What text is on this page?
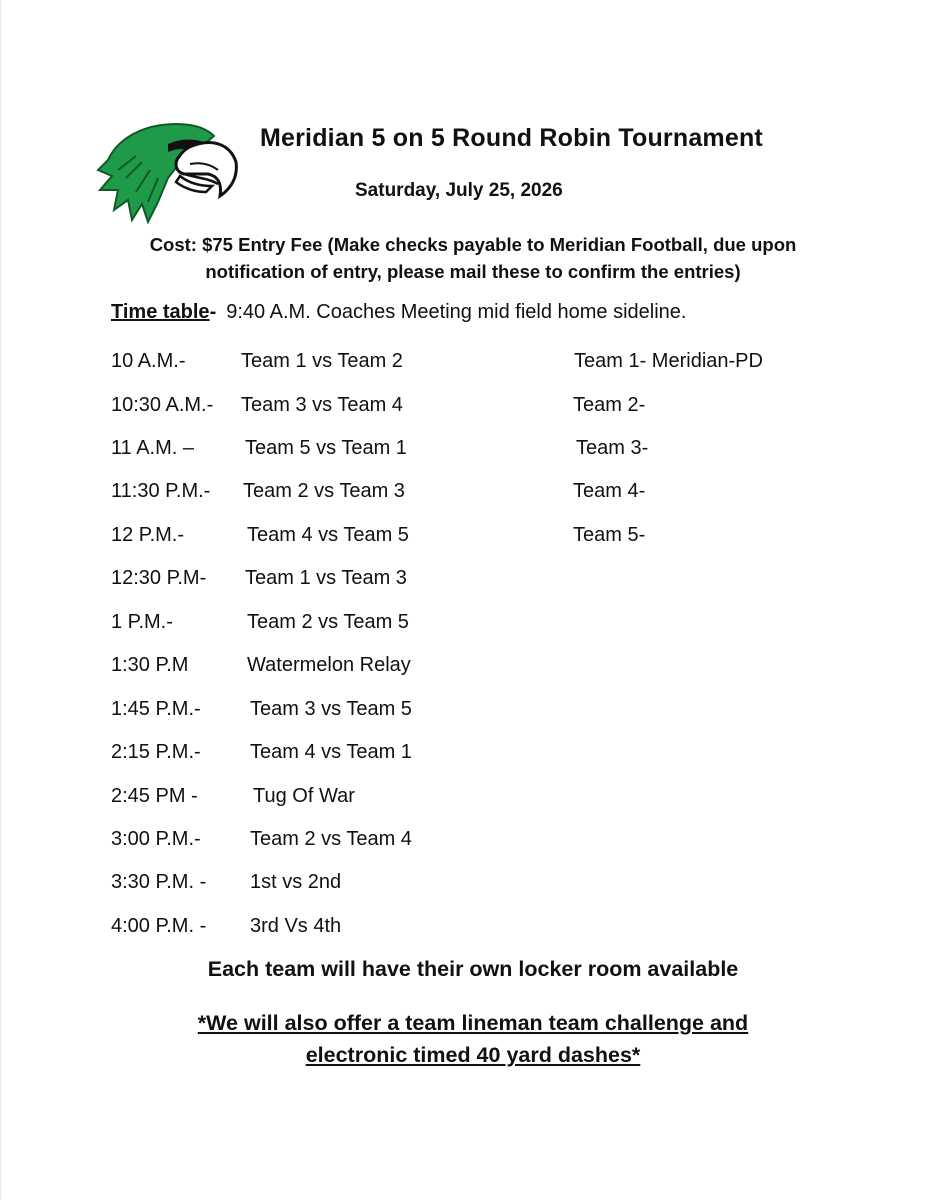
Meridian 5 on 5 Round Robin Tournament
Saturday, July 25, 2026
Cost: $75 Entry Fee (Make checks payable to Meridian Football, due upon
notification of entry, please mail these to confirm the entries)
Time table- 9:40 A.M. Coaches Meeting mid field home sideline.
10 A.M.-	Team 1 vs Team 2
10:30 A.M.- Team 3 vs Team 4
11 A.M. –	Team 5 vs Team 1
11:30 P.M.- Team 2 vs Team 3
12 P.M.-	Team 4 vs Team 5
12:30 P.M- Team 1 vs Team 3
1 P.M.-	Team 2 vs Team 5
1:30 P.M	Watermelon Relay
1:45 P.M.- Team 3 vs Team 5
2:15 P.M.- Team 4 vs Team 1
2:45 PM -	Tug Of War
3:00 P.M.- Team 2 vs Team 4
3:30 P.M. - 1st vs 2nd
4:00 P.M. - 3rd Vs 4th
Team 1- Meridian-PD
Team 2-
Team 3-
Team 4-
Team 5-
Each team will have their own locker room available
*We will also offer a team lineman team challenge and
electronic timed 40 yard dashes*
